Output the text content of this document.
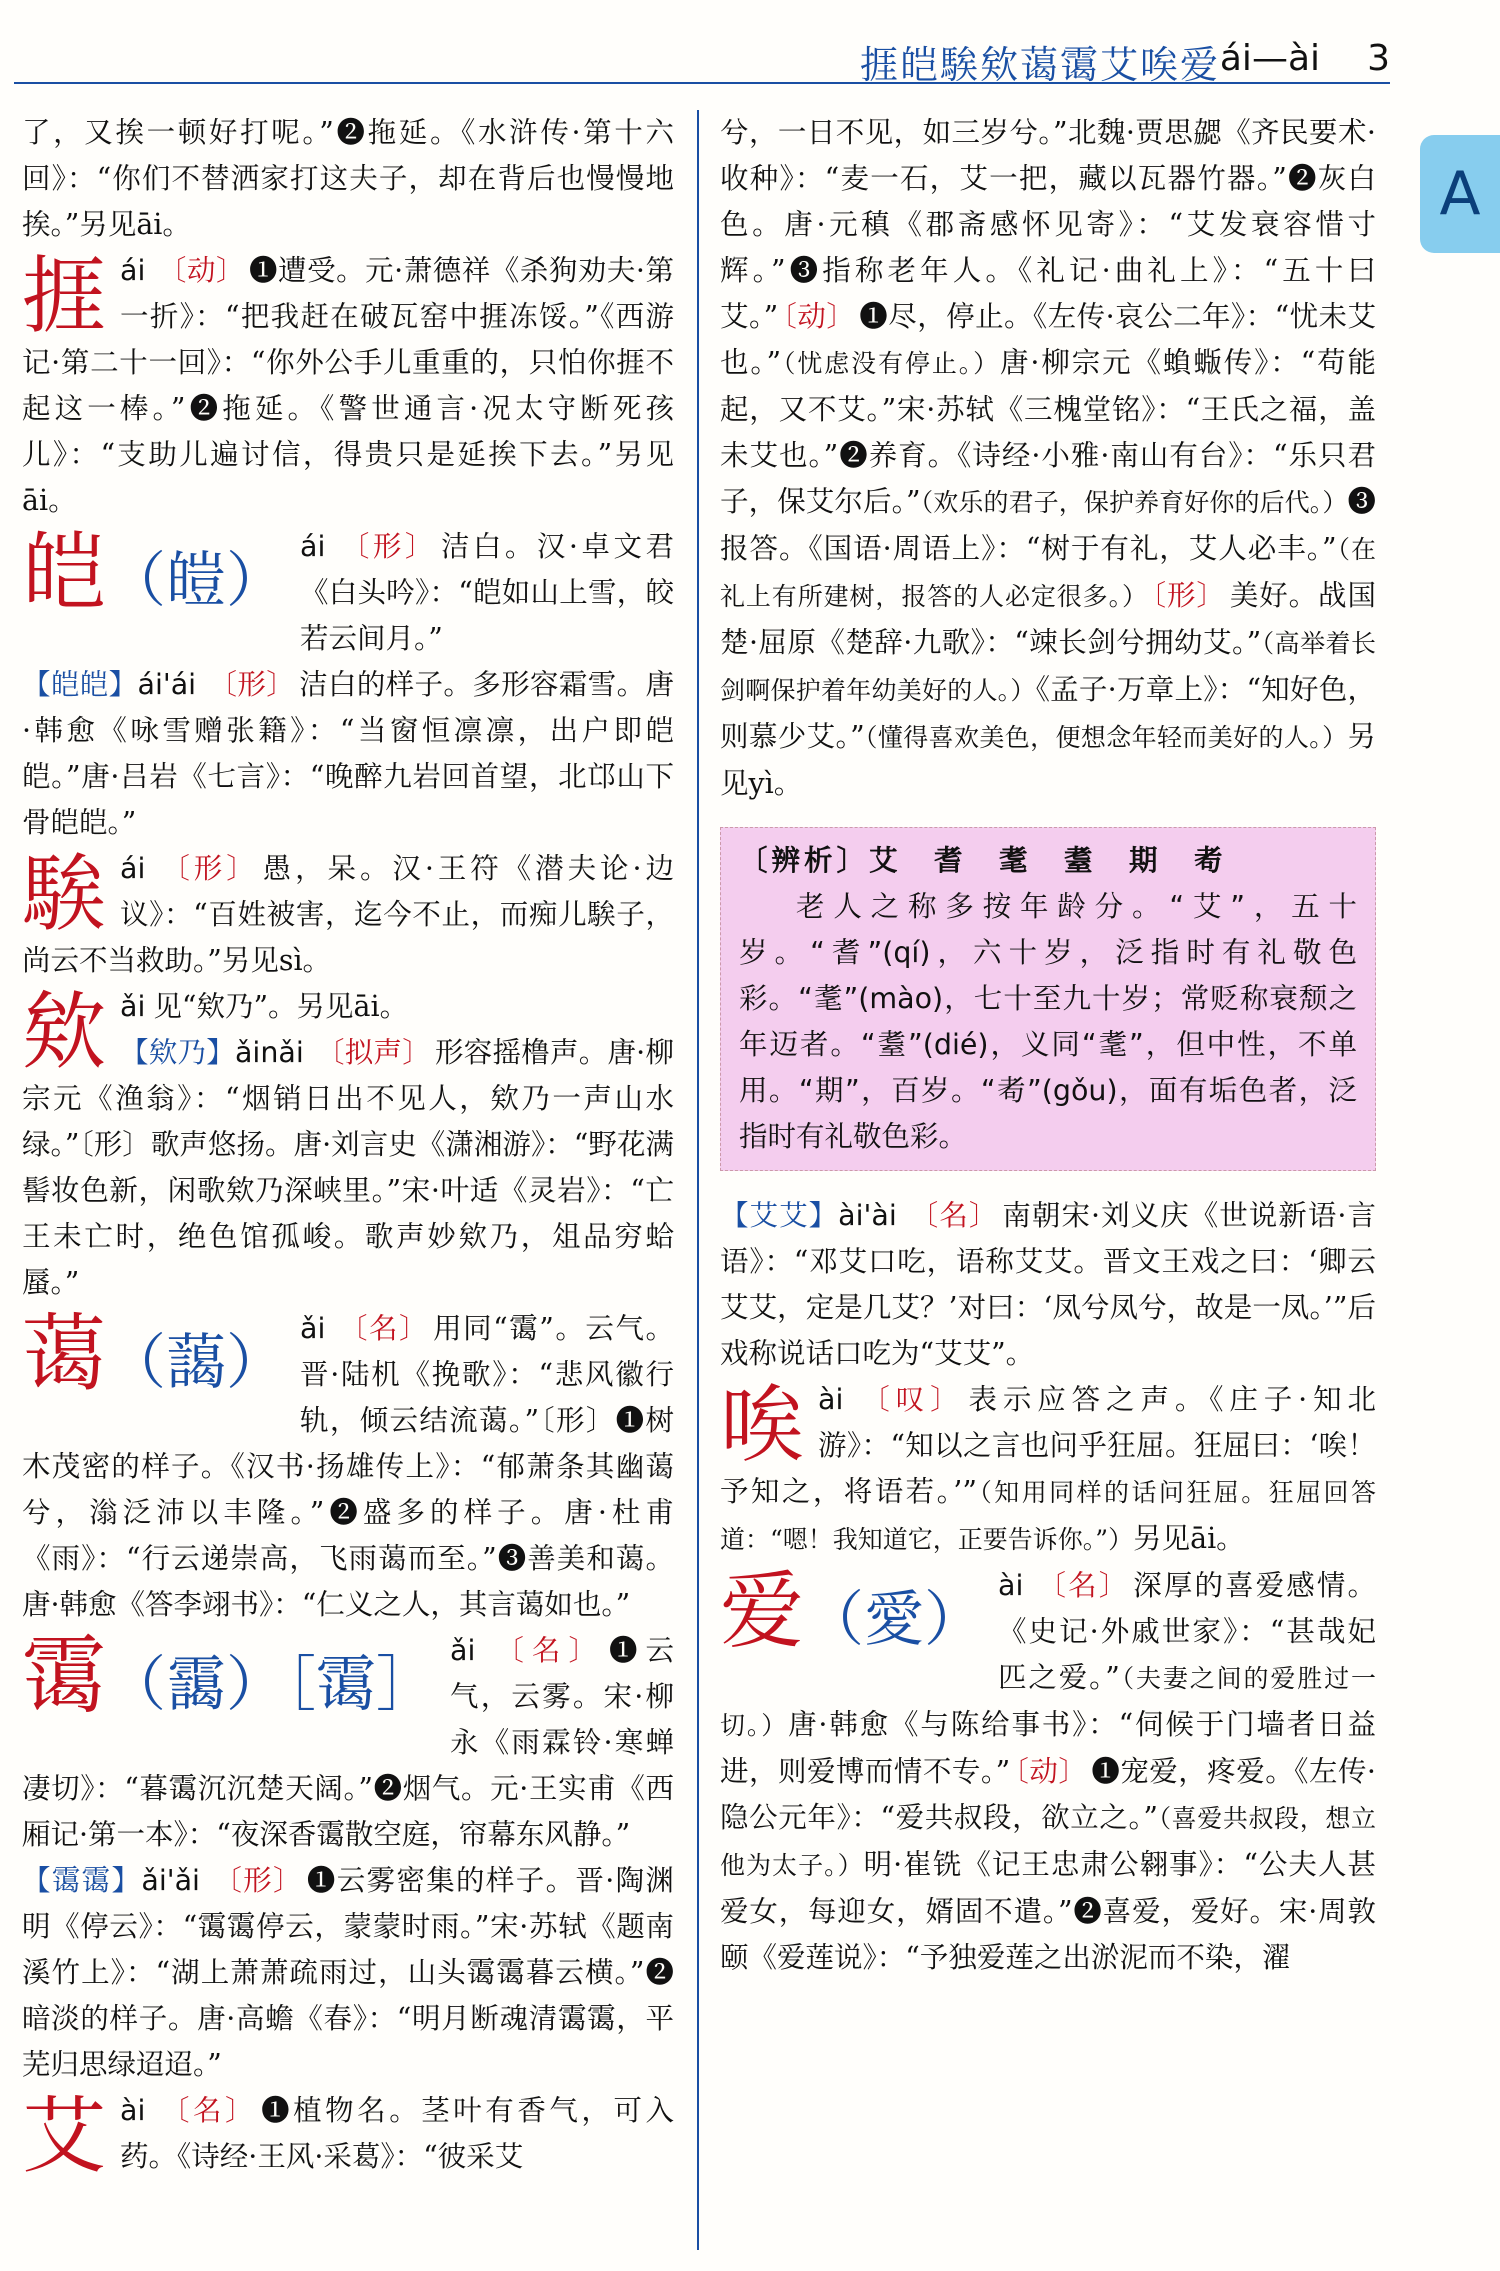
捱皑騃欸蔼霭艾唉爱 ái—ài 3
A

了，又挨一顿好打呢。”❷拖延。《水浒传·第十六回》：“你们不替洒家打这夫子，却在背后也慢慢地挨。”另见āi。

捱 ái 〔动〕 ❶遭受。元·萧德祥《杀狗劝夫·第一折》：“把我赶在破瓦窑中捱冻馁。”《西游记·第二十一回》：“你外公手儿重重的，只怕你捱不起这一棒。”❷拖延。《警世通言·况太守断死孩儿》：“支助儿遍讨信，得贵只是延挨下去。”另见āi。
皑（皚） ái 〔形〕 洁白。汉·卓文君《白头吟》：“皑如山上雪，皎若云间月。”

【皑皑】ái'ái 〔形〕 洁白的样子。多形容霜雪。唐·韩愈《咏雪赠张籍》：“当窗恒凛凛，出户即皑皑。”唐·吕岩《七言》：“晚醉九岩回首望，北邙山下骨皑皑。”

騃 ái 〔形〕 愚，呆。汉·王符《潜夫论·边议》：“百姓被害，迄今不止，而痴儿騃子，尚云不当救助。”另见sì。
欸 ǎi 见“欸乃”。另见āi。
【欸乃】ǎinǎi 〔拟声〕 形容摇橹声。唐·柳宗元《渔翁》：“烟销日出不见人，欸乃一声山水绿。”〔形〕歌声悠扬。唐·刘言史《潇湘游》：“野花满髻妆色新，闲歌欸乃深峡里。”宋·叶适《灵岩》：“亡王未亡时，绝色馆孤峻。歌声妙欸乃，俎品穷蛤蜃。”
蔼（藹） ǎi 〔名〕 用同“霭”。云气。晋·陆机《挽歌》：“悲风徽行轨，倾云结流蔼。”〔形〕❶树木茂密的样子。《汉书·扬雄传上》：“郁萧条其幽蔼兮，滃泛沛以丰隆。”❷盛多的样子。唐·杜甫《雨》：“行云递崇高，飞雨蔼而至。”❸善美和蔼。唐·韩愈《答李翊书》：“仁义之人，其言蔼如也。”
霭（靄）［霭］ ǎi 〔名〕 ❶云气，云雾。宋·柳永《雨霖铃·寒蝉凄切》：“暮霭沉沉楚天阔。”❷烟气。元·王实甫《西厢记·第一本》：“夜深香霭散空庭，帘幕东风静。”

【霭霭】ǎi'ǎi 〔形〕 ❶云雾密集的样子。晋·陶渊明《停云》：“霭霭停云，蒙蒙时雨。”宋·苏轼《题南溪竹上》：“湖上萧萧疏雨过，山头霭霭暮云横。”❷暗淡的样子。唐·高蟾《春》：“明月断魂清霭霭，平芜归思绿迢迢。”

艾 ài 〔名〕 ❶植物名。茎叶有香气，可入药。《诗经·王风·采葛》：“彼采艾

兮，一日不见，如三岁兮。”北魏·贾思勰《齐民要术·收种》：“麦一石，艾一把，藏以瓦器竹器。”❷灰白色。唐·元稹《郡斋感怀见寄》：“艾发衰容惜寸辉。”❸指称老年人。《礼记·曲礼上》：“五十曰艾。” 〔动〕 ❶尽，停止。《左传·哀公二年》：“忧未艾也。”（忧虑没有停止。）唐·柳宗元《蝜蝂传》：“苟能起，又不艾。”宋·苏轼《三槐堂铭》：“王氏之福，盖未艾也。”❷养育。《诗经·小雅·南山有台》：“乐只君子，保艾尔后。”（欢乐的君子，保护养育好你的后代。）❸报答。《国语·周语上》：“树于有礼，艾人必丰。”（在礼上有所建树，报答的人必定很多。） 〔形〕 美好。战国楚·屈原《楚辞·九歌》：“竦长剑兮拥幼艾。”（高举着长剑啊保护着年幼美好的人。）《孟子·万章上》：“知好色，则慕少艾。”（懂得喜欢美色，便想念年轻而美好的人。）另见yì。

〔辨析〕艾　耆　耄　耋　期　耇
老人之称多按年龄分。“艾”，五十岁。“耆”(qí)，六十岁，泛指时有礼敬色彩。“耄”(mào)，七十至九十岁；常贬称衰颓之年迈者。“耋”(dié)，义同“耄”，但中性，不单用。“期”，百岁。“耇”(gǒu)，面有垢色者，泛指时有礼敬色彩。

【艾艾】ài'ài 〔名〕 南朝宋·刘义庆《世说新语·言语》：“邓艾口吃，语称艾艾。晋文王戏之曰：‘卿云艾艾，定是几艾？’对曰：‘凤兮凤兮，故是一凤。’”后戏称说话口吃为“艾艾”。

唉 ài 〔叹〕 表示应答之声。《庄子·知北游》：“知以之言也问乎狂屈。狂屈曰：‘唉！予知之，将语若。’”（知用同样的话问狂屈。狂屈回答道：“嗯！我知道它，正要告诉你。”）另见āi。
爱（愛） ài 〔名〕 深厚的喜爱感情。《史记·外戚世家》：“甚哉妃匹之爱。”（夫妻之间的爱胜过一切。）唐·韩愈《与陈给事书》：“伺候于门墙者日益进，则爱博而情不专。” 〔动〕 ❶宠爱，疼爱。《左传·隐公元年》：“爱共叔段，欲立之。”（喜爱共叔段，想立他为太子。）明·崔铣《记王忠肃公翱事》：“公夫人甚爱女，每迎女，婿固不遣。”❷喜爱，爱好。宋·周敦颐《爱莲说》：“予独爱莲之出淤泥而不染，濯
